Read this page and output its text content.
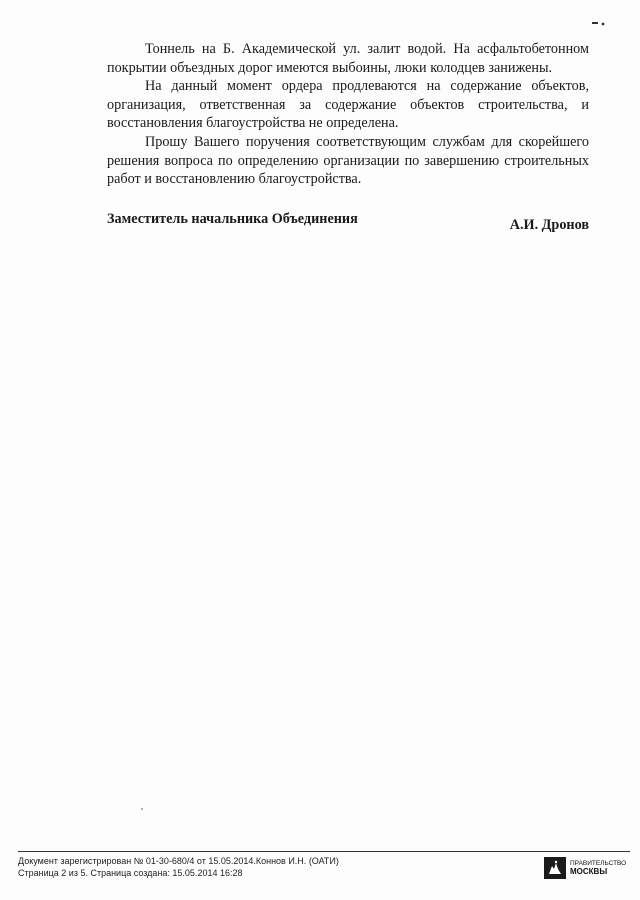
Тоннель на Б. Академической ул. залит водой. На асфальтобетонном покрытии объездных дорог имеются выбоины, люки колодцев занижены.

На данный момент ордера продлеваются на содержание объектов, организация, ответственная за содержание объектов строительства, и восстановления благоустройства не определена.

Прошу Вашего поручения соответствующим службам для скорейшего решения вопроса по определению организации по завершению строительных работ и восстановлению благоустройства.

Заместитель начальника Объединения	А.И. Дронов
Документ зарегистрирован № 01-30-680/4 от 15.05.2014.Коннов И.Н. (ОАТИ)
Страница 2 из 5. Страница создана: 15.05.2014 16:28
ПРАВИТЕЛЬСТВО
МОСКВЫ
